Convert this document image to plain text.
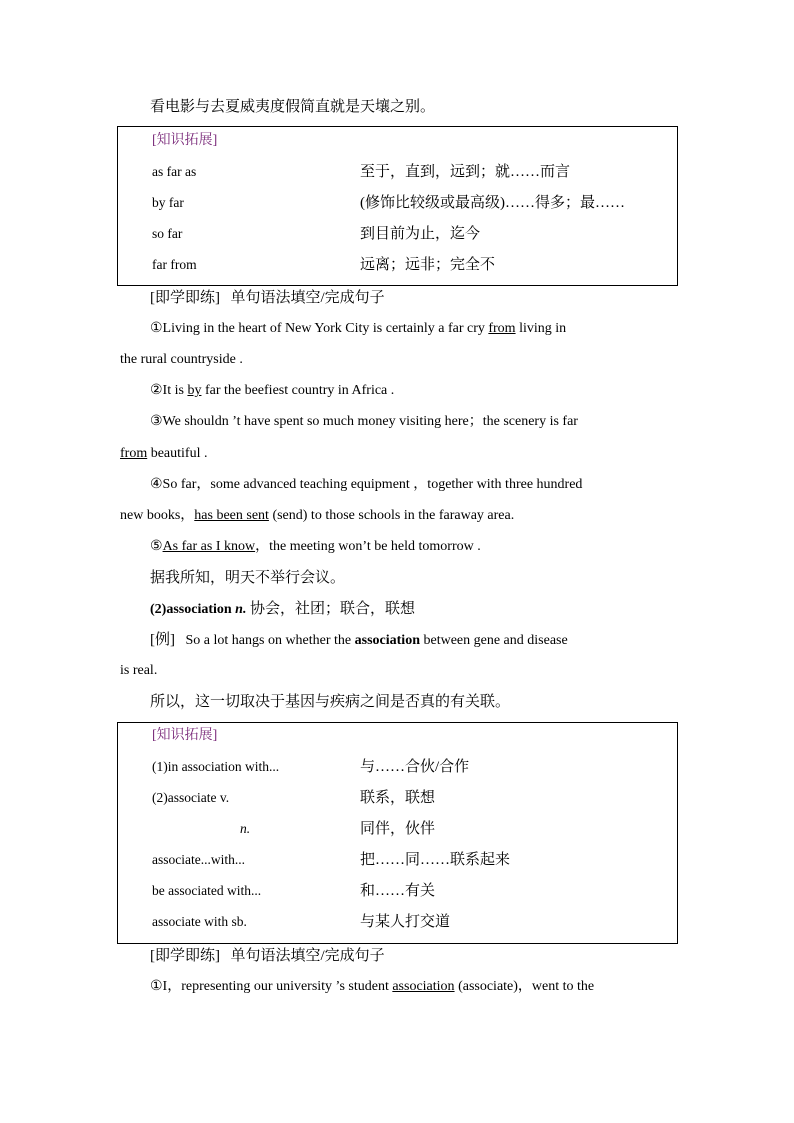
看电影与去夏威夷度假简直就是天壤之别。
[知识拓展]
as far as	至于，直到，远到；就……而言
by far	(修饰比较级或最高级)……得多；最……
so far	到目前为止，迄今
far from	远离；远非；完全不
[即学即练] 单句语法填空/完成句子
①Living in the heart of New York City is certainly a far cry from living in
the rural countryside .
②It is by far the beefiest country in Africa .
③We shouldn ’t have spent so much money visiting here；the scenery is far
from beautiful .
④So far，some advanced teaching equipment ，together with three hundred
new books，has been sent (send) to those schools in the faraway area.
⑤As far as I know，the meeting won’t be held tomorrow .
据我所知，明天不举行会议。
(2)association n. 协会，社团；联合，联想
[例] So a lot hangs on whether the association between gene and disease
is real.
所以，这一切取决于基因与疾病之间是否真的有关联。
[知识拓展]
(1)in association with...	与……合伙/合作
(2)associate v.	联系，联想
n.	同伴，伙伴
associate...with...	把……同……联系起来
be associated with...	和……有关
associate with sb.	与某人打交道
[即学即练] 单句语法填空/完成句子
①I，representing our university ’s student association (associate)，went to the
